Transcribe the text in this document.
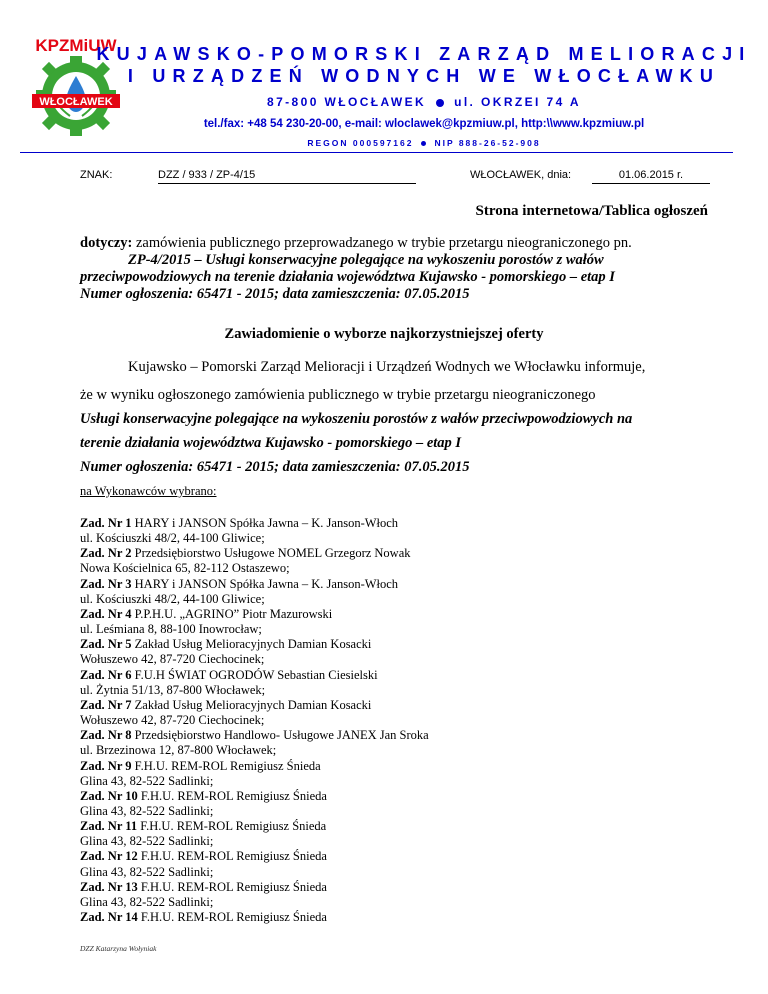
WŁOCŁAWEK
KPZMiUW
KUJAWSKO-POMORSKI ZARZĄD MELIORACJI
I URZĄDZEŃ WODNYCH WE WŁOCŁAWKU
87-800 WŁOCŁAWEK ul. OKRZEI 74 A
tel./fax: +48 54 230-20-00, e-mail: wloclawek@kpzmiuw.pl, http:\\www.kpzmiuw.pl
REGON 000597162 NIP 888-26-52-908
ZNAK:	DZZ / 933 / ZP-4/15	WŁOCŁAWEK, dnia:	01.06.2015 r.
Strona internetowa/Tablica ogłoszeń
dotyczy: zamówienia publicznego przeprowadzanego w trybie przetargu nieograniczonego pn.
ZP-4/2015 – Usługi konserwacyjne polegające na wykoszeniu porostów z wałów przeciwpowodziowych na terenie działania województwa Kujawsko - pomorskiego – etap I
Numer ogłoszenia: 65471 - 2015; data zamieszczenia: 07.05.2015
Zawiadomienie o wyborze najkorzystniejszej oferty
Kujawsko – Pomorski Zarząd Melioracji i Urządzeń Wodnych we Włocławku informuje,
że w wyniku ogłoszonego zamówienia publicznego w trybie przetargu nieograniczonego
Usługi konserwacyjne polegające na wykoszeniu porostów z wałów przeciwpowodziowych na
terenie działania województwa Kujawsko - pomorskiego – etap I
Numer ogłoszenia: 65471 - 2015; data zamieszczenia: 07.05.2015
na Wykonawców wybrano:
Zad. Nr 1 HARY i JANSON Spółka Jawna – K. Janson-Włoch
ul. Kościuszki 48/2, 44-100 Gliwice;
Zad. Nr 2 Przedsiębiorstwo Usługowe NOMEL Grzegorz Nowak
Nowa Kościelnica 65, 82-112 Ostaszewo;
Zad. Nr 3 HARY i JANSON Spółka Jawna – K. Janson-Włoch
ul. Kościuszki 48/2, 44-100 Gliwice;
Zad. Nr 4 P.P.H.U. „AGRINO” Piotr Mazurowski
ul. Leśmiana 8, 88-100 Inowrocław;
Zad. Nr 5 Zakład Usług Melioracyjnych Damian Kosacki
Wołuszewo 42, 87-720 Ciechocinek;
Zad. Nr 6 F.U.H ŚWIAT OGRODÓW Sebastian Ciesielski
ul. Żytnia 51/13, 87-800 Włocławek;
Zad. Nr 7 Zakład Usług Melioracyjnych Damian Kosacki
Wołuszewo 42, 87-720 Ciechocinek;
Zad. Nr 8 Przedsiębiorstwo Handlowo- Usługowe JANEX Jan Sroka
ul. Brzezinowa 12, 87-800 Włocławek;
Zad. Nr 9 F.H.U. REM-ROL Remigiusz Śnieda
Glina 43, 82-522 Sadlinki;
Zad. Nr 10 F.H.U. REM-ROL Remigiusz Śnieda
Glina 43, 82-522 Sadlinki;
Zad. Nr 11 F.H.U. REM-ROL Remigiusz Śnieda
Glina 43, 82-522 Sadlinki;
Zad. Nr 12 F.H.U. REM-ROL Remigiusz Śnieda
Glina 43, 82-522 Sadlinki;
Zad. Nr 13 F.H.U. REM-ROL Remigiusz Śnieda
Glina 43, 82-522 Sadlinki;
Zad. Nr 14 F.H.U. REM-ROL Remigiusz Śnieda
DZZ Katarzyna Wołyniak
